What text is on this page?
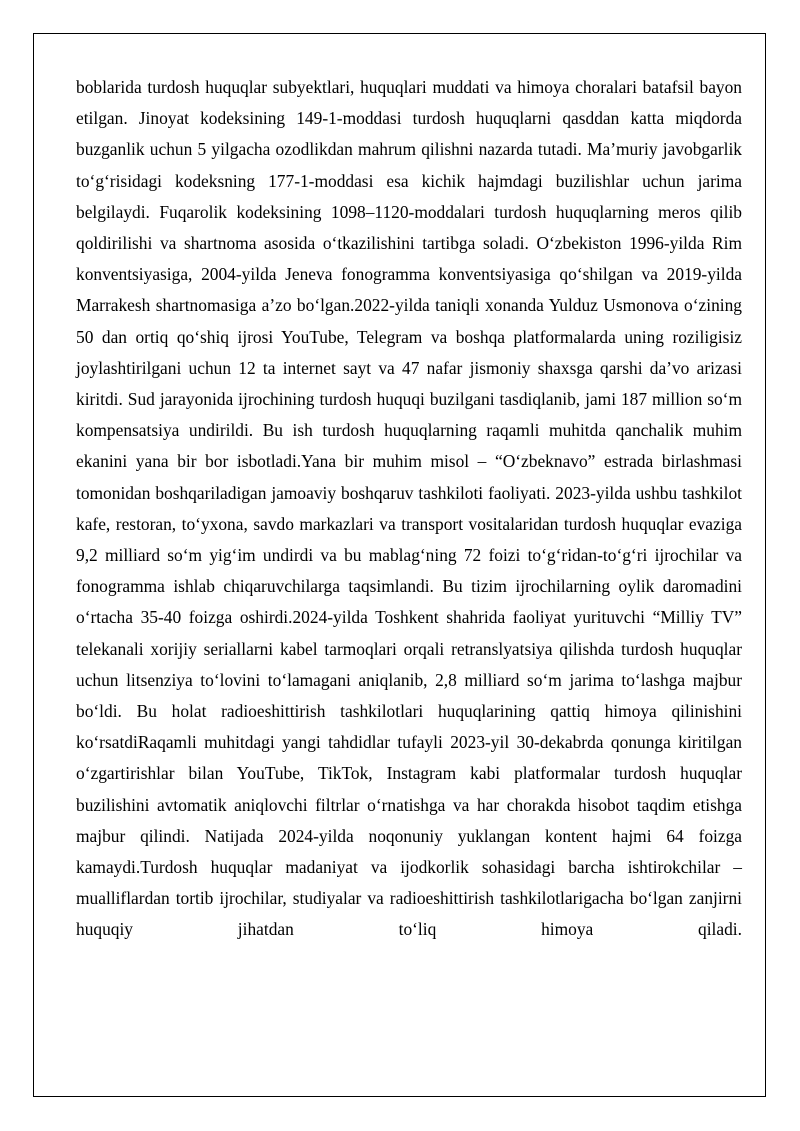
boblarida turdosh huquqlar subyektlari, huquqlari muddati va himoya choralari batafsil bayon etilgan. Jinoyat kodeksining 149-1-moddasi turdosh huquqlarni qasddan katta miqdorda buzganlik uchun 5 yilgacha ozodlikdan mahrum qilishni nazarda tutadi. Ma’muriy javobgarlik to‘g‘risidagi kodeksning 177-1-moddasi esa kichik hajmdagi buzilishlar uchun jarima belgilaydi. Fuqarolik kodeksining 1098–1120-moddalari turdosh huquqlarning meros qilib qoldirilishi va shartnoma asosida o‘tkazilishini tartibga soladi. O‘zbekiston 1996-yilda Rim konventsiyasiga, 2004-yilda Jeneva fonogramma konventsiyasiga qo‘shilgan va 2019-yilda Marrakesh shartnomasiga a’zo bo‘lgan.2022-yilda taniqli xonanda Yulduz Usmonova o‘zining 50 dan ortiq qo‘shiq ijrosi YouTube, Telegram va boshqa platformalarda uning roziligisiz joylashtirilgani uchun 12 ta internet sayt va 47 nafar jismoniy shaxsga qarshi da’vo arizasi kiritdi. Sud jarayonida ijrochining turdosh huquqi buzilgani tasdiqlanib, jami 187 million so‘m kompensatsiya undirildi. Bu ish turdosh huquqlarning raqamli muhitda qanchalik muhim ekanini yana bir bor isbotladi.Yana bir muhim misol – “O‘zbeknavo” estrada birlashmasi tomonidan boshqariladigan jamoaviy boshqaruv tashkiloti faoliyati. 2023-yilda ushbu tashkilot kafe, restoran, to‘yxona, savdo markazlari va transport vositalaridan turdosh huquqlar evaziga 9,2 milliard so‘m yig‘im undirdi va bu mablag‘ning 72 foizi to‘g‘ridan-to‘g‘ri ijrochilar va fonogramma ishlab chiqaruvchilarga taqsimlandi. Bu tizim ijrochilarning oylik daromadini o‘rtacha 35-40 foizga oshirdi.2024-yilda Toshkent shahrida faoliyat yurituvchi “Milliy TV” telekanali xorijiy seriallarni kabel tarmoqlari orqali retranslyatsiya qilishda turdosh huquqlar uchun litsenziya to‘lovini to‘lamagani aniqlanib, 2,8 milliard so‘m jarima to‘lashga majbur bo‘ldi. Bu holat radioeshittirish tashkilotlari huquqlarining qattiq himoya qilinishini ko‘rsatdiRaqamli muhitdagi yangi tahdidlar tufayli 2023-yil 30-dekabrda qonunga kiritilgan o‘zgartirishlar bilan YouTube, TikTok, Instagram kabi platformalar turdosh huquqlar buzilishini avtomatik aniqlovchi filtrlar o‘rnatishga va har chorakda hisobot taqdim etishga majbur qilindi. Natijada 2024-yilda noqonuniy yuklangan kontent hajmi 64 foizga kamaydi.Turdosh huquqlar madaniyat va ijodkorlik sohasidagi barcha ishtirokchilar – mualliflardan tortib ijrochilar, studiyalar va radioeshittirish tashkilotlarigacha bo‘lgan zanjirni huquqiy jihatdan to‘liq himoya qiladi.
